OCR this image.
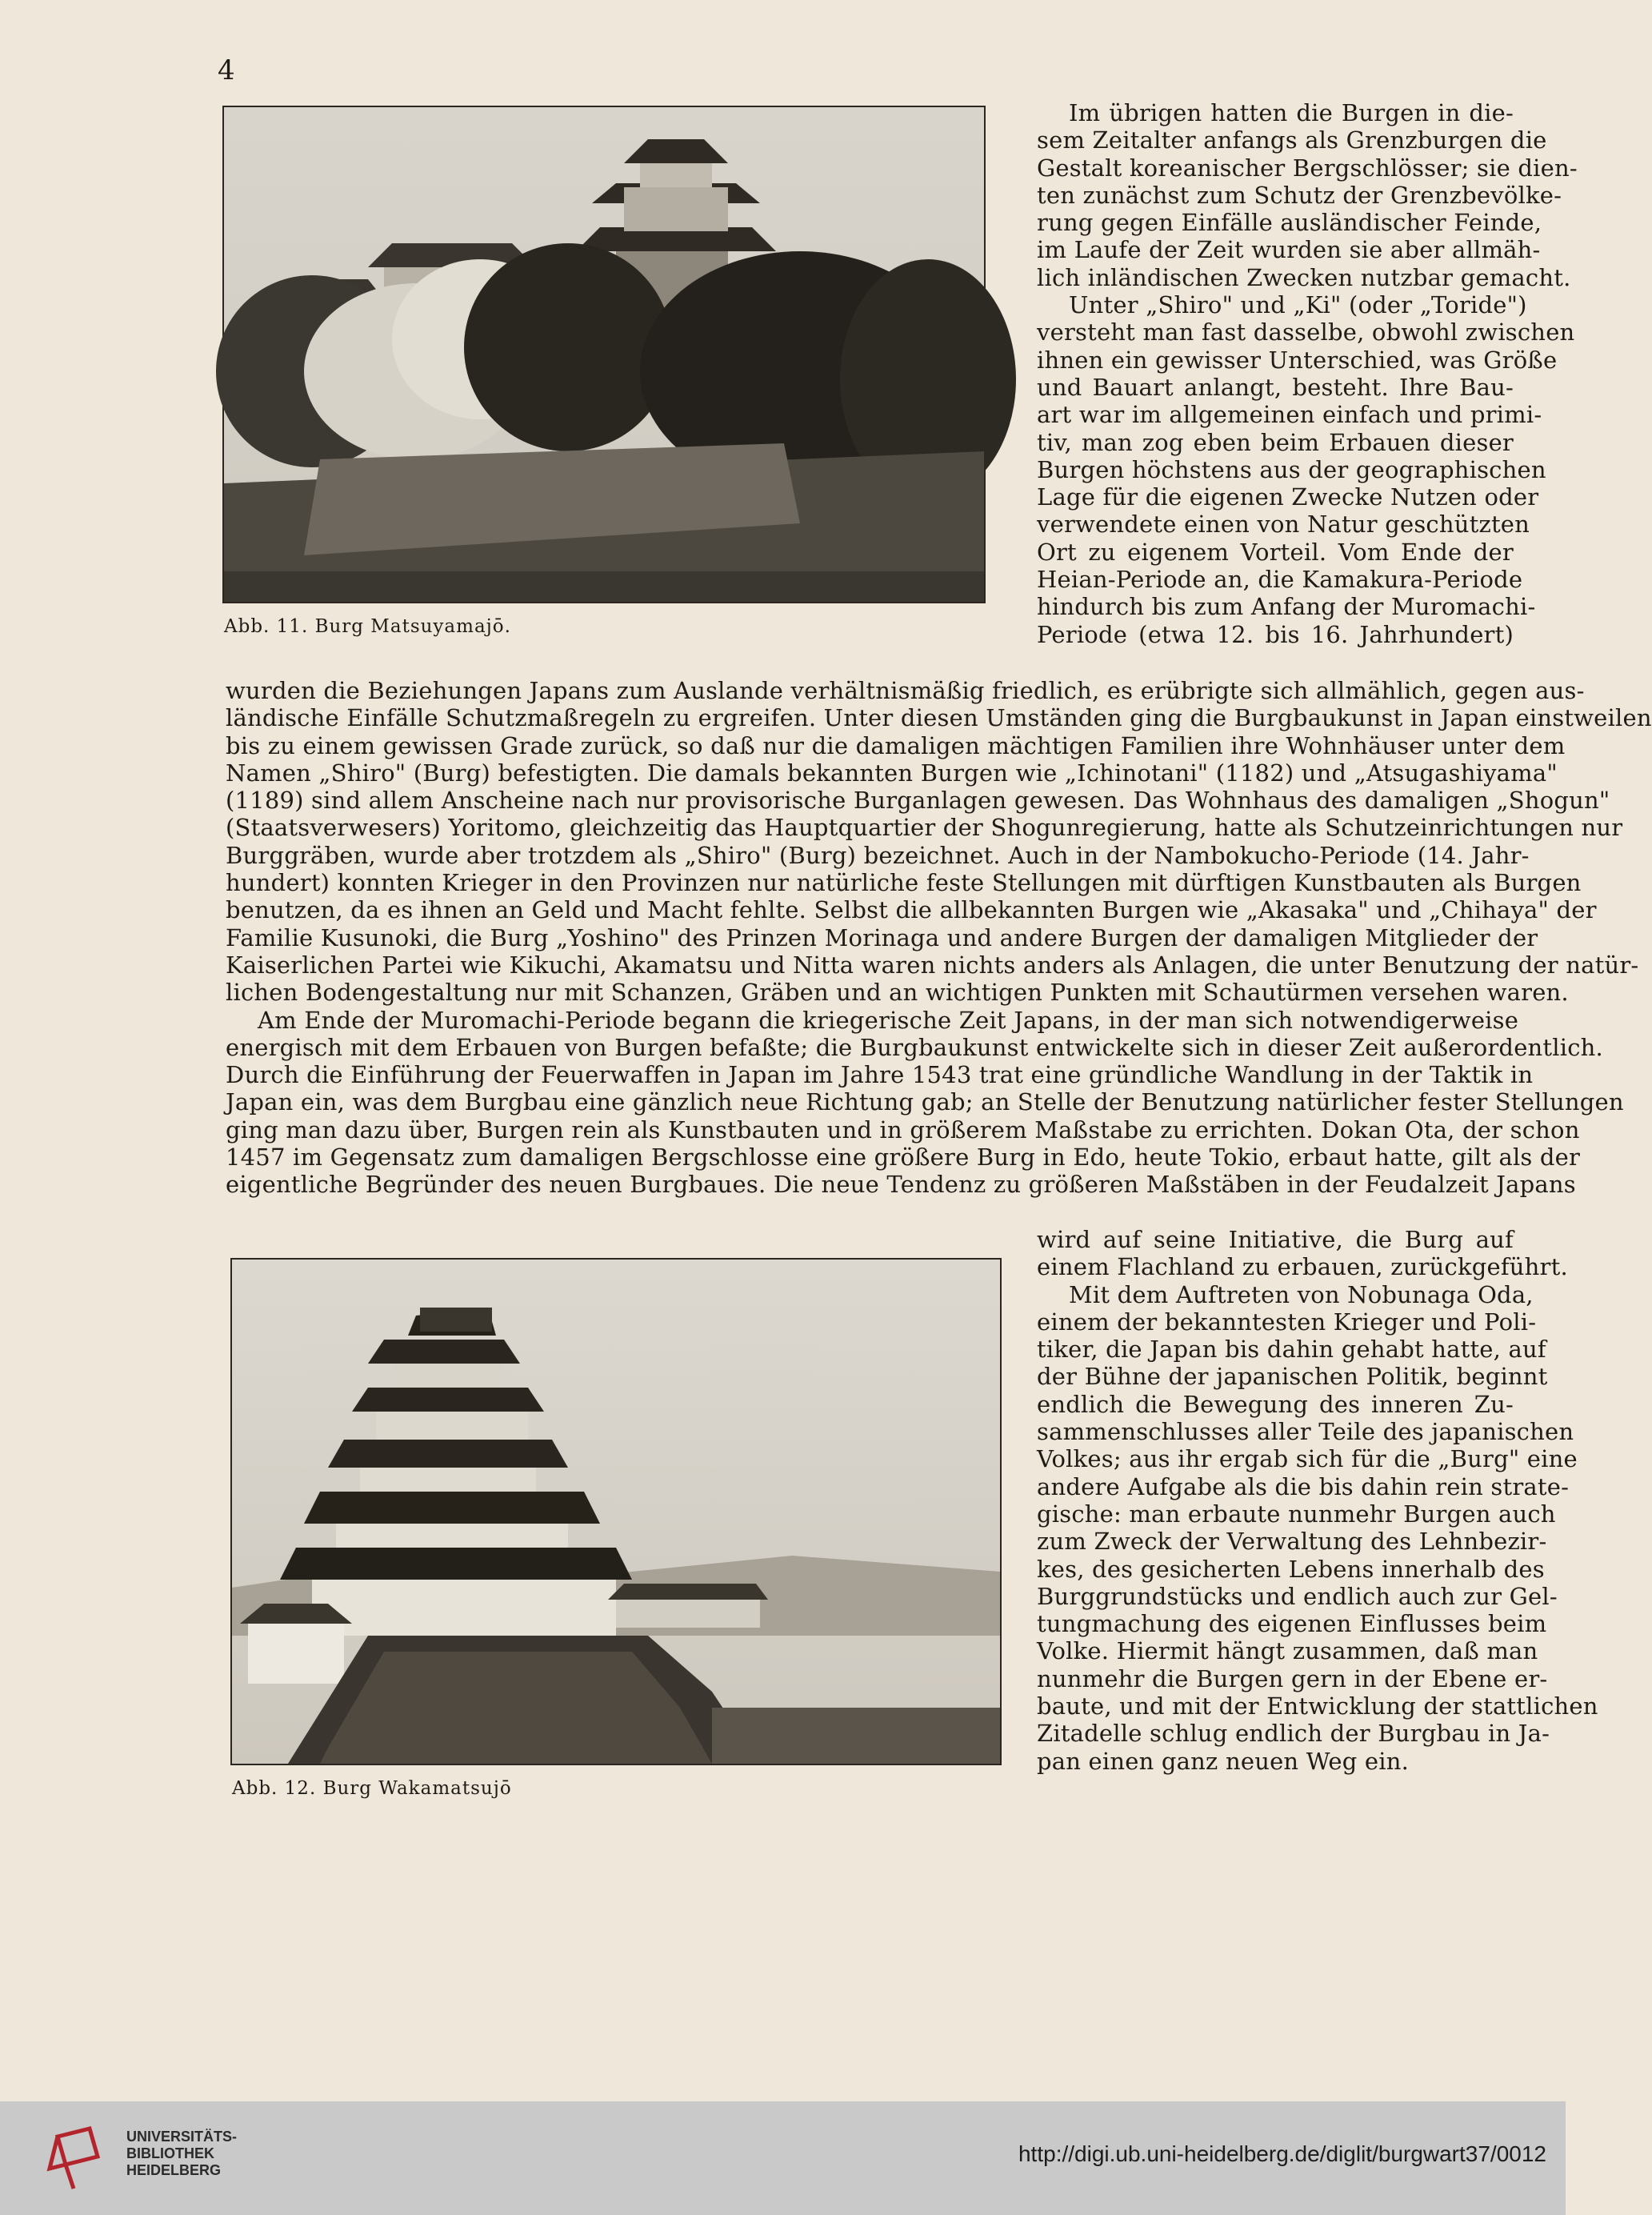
4
Abb. 11. Burg Matsuyamajō.
Abb. 12. Burg Wakamatsujō
Im übrigen hatten die Burgen in die-
sem Zeitalter anfangs als Grenzburgen die
Gestalt koreanischer Bergschlösser; sie dien-
ten zunächst zum Schutz der Grenzbevölke-
rung gegen Einfälle ausländischer Feinde,
im Laufe der Zeit wurden sie aber allmäh-
lich inländischen Zwecken nutzbar gemacht.
Unter „Shiro" und „Ki" (oder „Toride")
versteht man fast dasselbe, obwohl zwischen
ihnen ein gewisser Unterschied, was Größe
und Bauart anlangt, besteht. Ihre Bau-
art war im allgemeinen einfach und primi-
tiv, man zog eben beim Erbauen dieser
Burgen höchstens aus der geographischen
Lage für die eigenen Zwecke Nutzen oder
verwendete einen von Natur geschützten
Ort zu eigenem Vorteil. Vom Ende der
Heian-Periode an, die Kamakura-Periode
hindurch bis zum Anfang der Muromachi-
Periode (etwa 12. bis 16. Jahrhundert)
wurden die Beziehungen Japans zum Auslande verhältnismäßig friedlich, es erübrigte sich allmählich, gegen aus-
ländische Einfälle Schutzmaßregeln zu ergreifen. Unter diesen Umständen ging die Burgbaukunst in Japan einstweilen
bis zu einem gewissen Grade zurück, so daß nur die damaligen mächtigen Familien ihre Wohnhäuser unter dem
Namen „Shiro" (Burg) befestigten. Die damals bekannten Burgen wie „Ichinotani" (1182) und „Atsugashiyama"
(1189) sind allem Anscheine nach nur provisorische Burganlagen gewesen. Das Wohnhaus des damaligen „Shogun"
(Staatsverwesers) Yoritomo, gleichzeitig das Hauptquartier der Shogunregierung, hatte als Schutzeinrichtungen nur
Burggräben, wurde aber trotzdem als „Shiro" (Burg) bezeichnet. Auch in der Nambokucho-Periode (14. Jahr-
hundert) konnten Krieger in den Provinzen nur natürliche feste Stellungen mit dürftigen Kunstbauten als Burgen
benutzen, da es ihnen an Geld und Macht fehlte. Selbst die allbekannten Burgen wie „Akasaka" und „Chihaya" der
Familie Kusunoki, die Burg „Yoshino" des Prinzen Morinaga und andere Burgen der damaligen Mitglieder der
Kaiserlichen Partei wie Kikuchi, Akamatsu und Nitta waren nichts anders als Anlagen, die unter Benutzung der natür-
lichen Bodengestaltung nur mit Schanzen, Gräben und an wichtigen Punkten mit Schautürmen versehen waren.
Am Ende der Muromachi-Periode begann die kriegerische Zeit Japans, in der man sich notwendigerweise
energisch mit dem Erbauen von Burgen befaßte; die Burgbaukunst entwickelte sich in dieser Zeit außerordentlich.
Durch die Einführung der Feuerwaffen in Japan im Jahre 1543 trat eine gründliche Wandlung in der Taktik in
Japan ein, was dem Burgbau eine gänzlich neue Richtung gab; an Stelle der Benutzung natürlicher fester Stellungen
ging man dazu über, Burgen rein als Kunstbauten und in größerem Maßstabe zu errichten. Dokan Ota, der schon
1457 im Gegensatz zum damaligen Bergschlosse eine größere Burg in Edo, heute Tokio, erbaut hatte, gilt als der
eigentliche Begründer des neuen Burgbaues. Die neue Tendenz zu größeren Maßstäben in der Feudalzeit Japans
wird auf seine Initiative, die Burg auf
einem Flachland zu erbauen, zurückgeführt.
Mit dem Auftreten von Nobunaga Oda,
einem der bekanntesten Krieger und Poli-
tiker, die Japan bis dahin gehabt hatte, auf
der Bühne der japanischen Politik, beginnt
endlich die Bewegung des inneren Zu-
sammenschlusses aller Teile des japanischen
Volkes; aus ihr ergab sich für die „Burg" eine
andere Aufgabe als die bis dahin rein strate-
gische: man erbaute nunmehr Burgen auch
zum Zweck der Verwaltung des Lehnbezir-
kes, des gesicherten Lebens innerhalb des
Burggrundstücks und endlich auch zur Gel-
tungmachung des eigenen Einflusses beim
Volke. Hiermit hängt zusammen, daß man
nunmehr die Burgen gern in der Ebene er-
baute, und mit der Entwicklung der stattlichen
Zitadelle schlug endlich der Burgbau in Ja-
pan einen ganz neuen Weg ein.
UNIVERSITÄTS-
BIBLIOTHEK
HEIDELBERG
http://digi.ub.uni-heidelberg.de/diglit/burgwart37/0012
